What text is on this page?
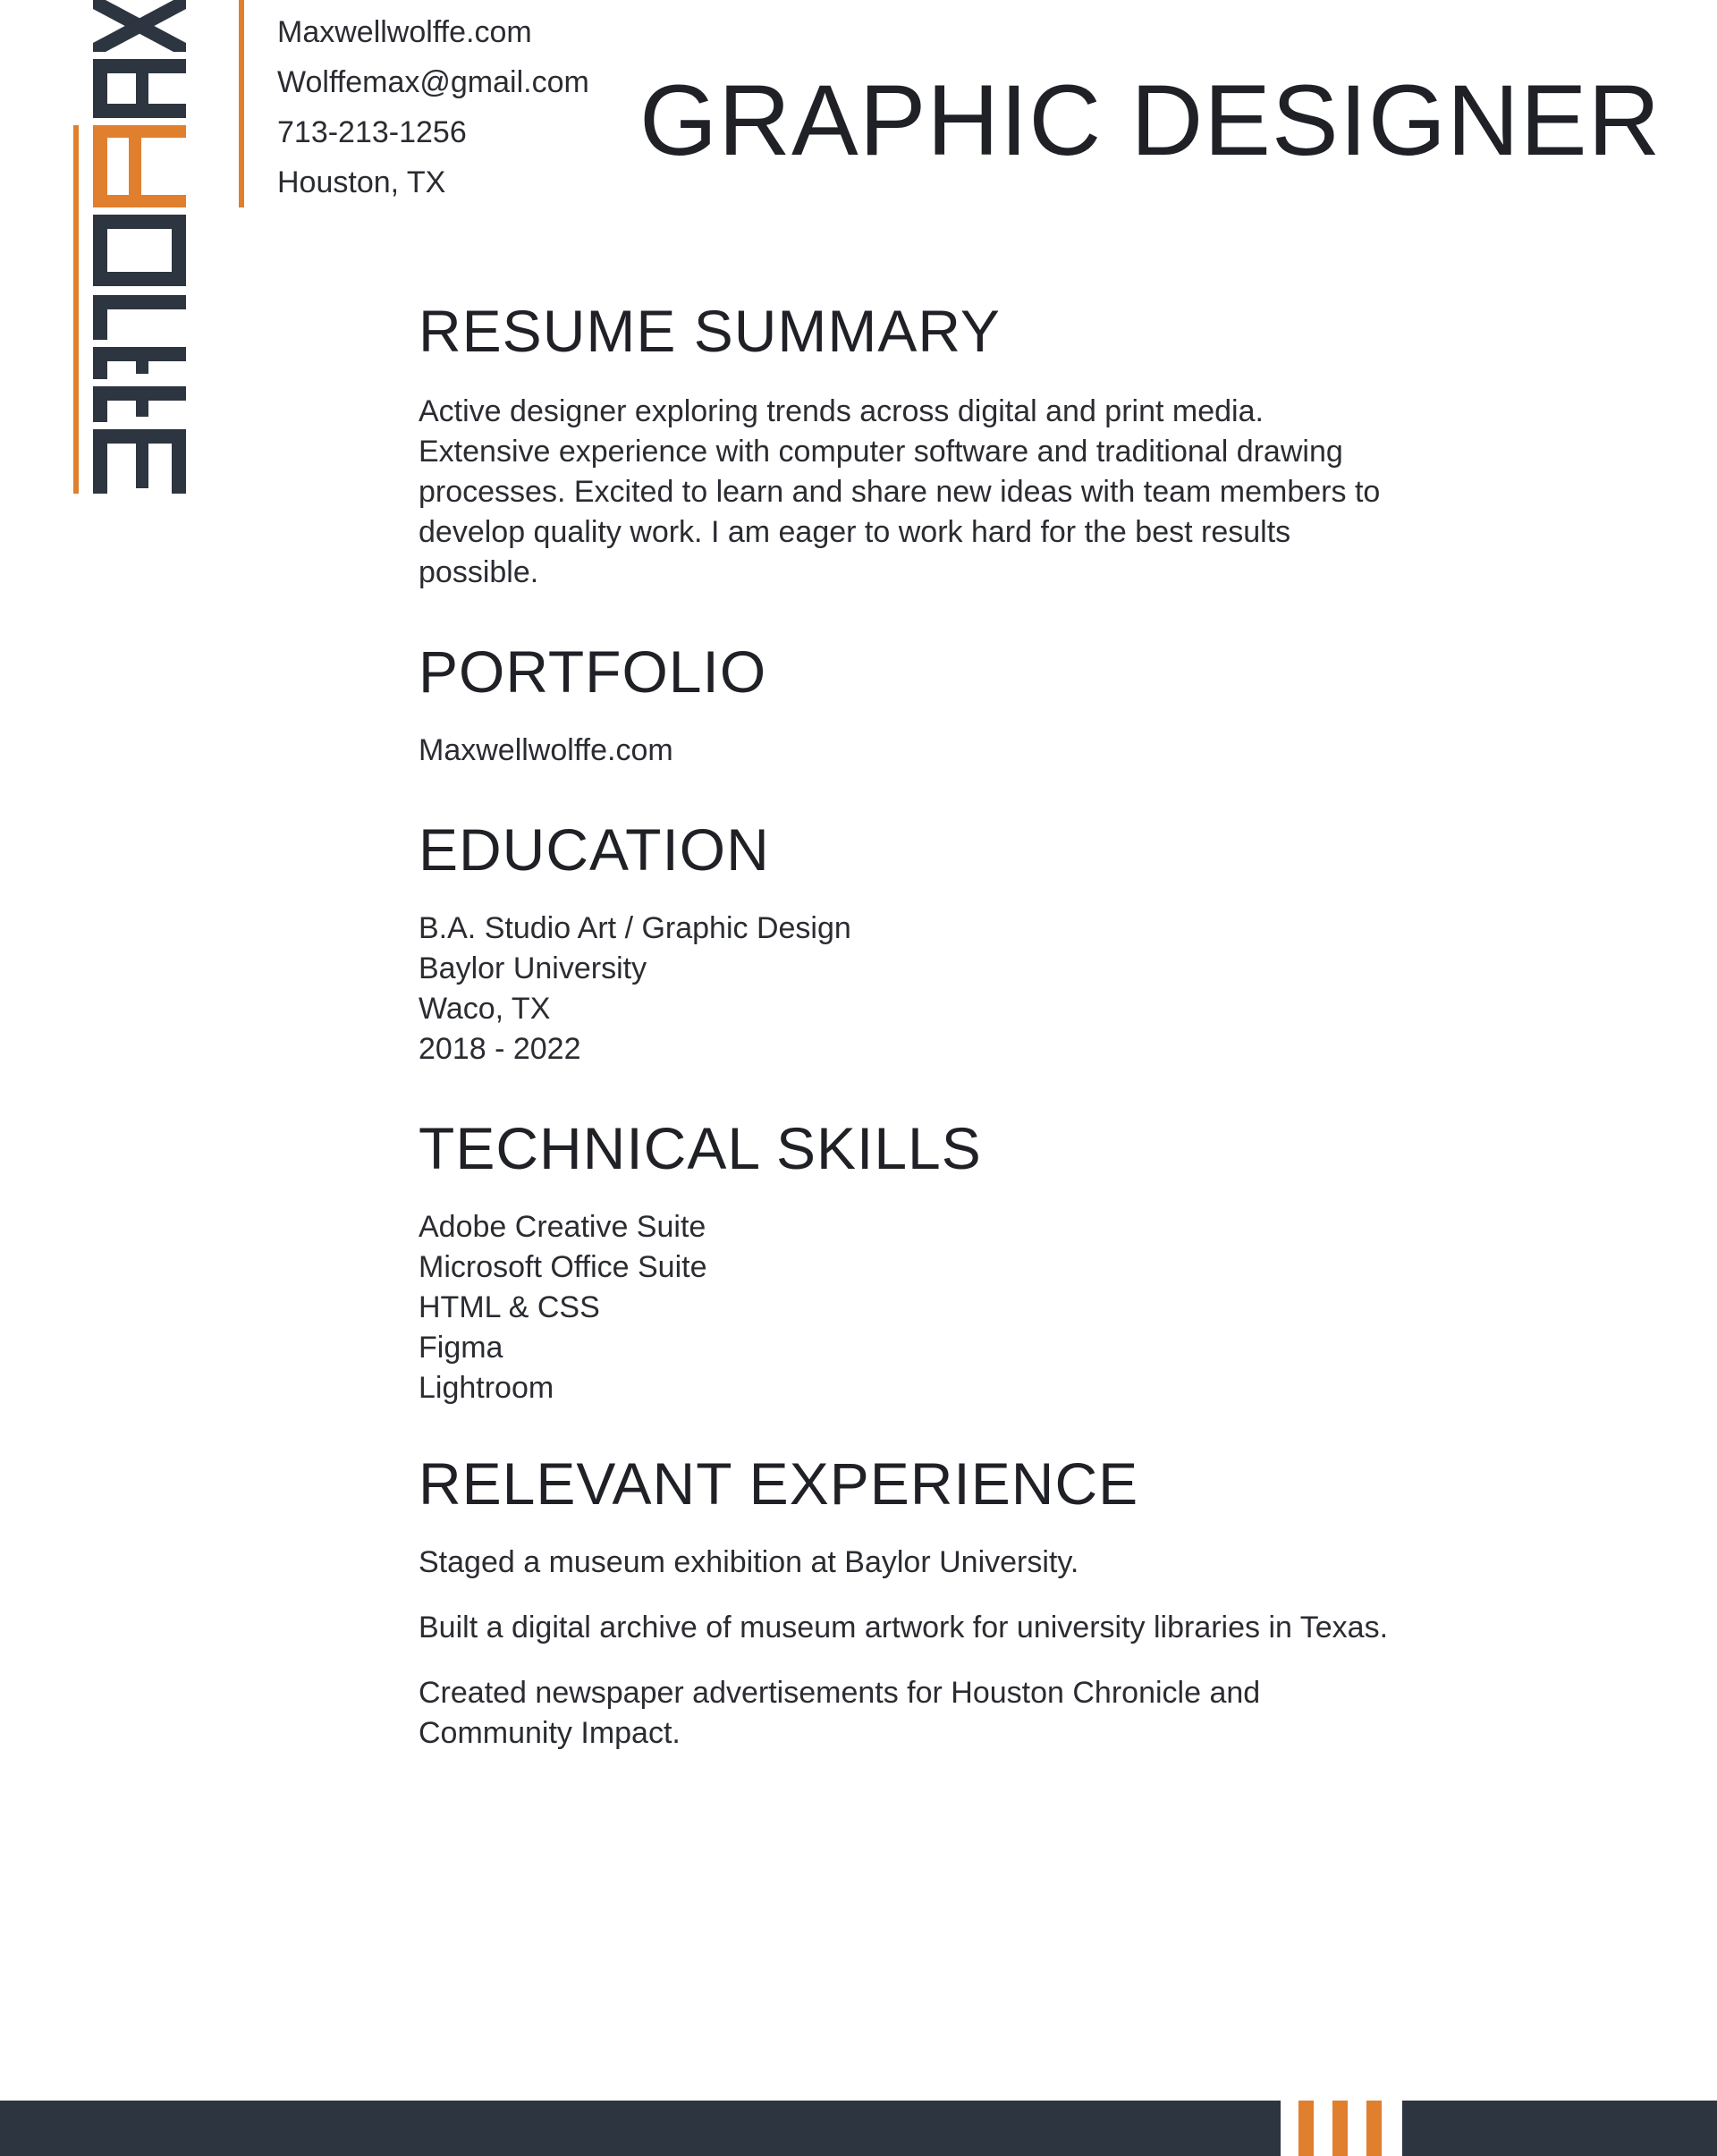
Maxwellwolffe.com
Wolffemax@gmail.com
713-213-1256
Houston, TX
GRAPHIC DESIGNER
RESUME SUMMARY

Active designer exploring trends across digital and print media. Extensive experience with computer software and traditional drawing processes. Excited to learn and share new ideas with team members to develop quality work. I am eager to work hard for the best results possible.

PORTFOLIO
Maxwellwolffe.com
EDUCATION
B.A. Studio Art / Graphic Design
Baylor University
Waco, TX
2018 - 2022
TECHNICAL SKILLS
Adobe Creative Suite
Microsoft Office Suite
HTML & CSS
Figma
Lightroom
RELEVANT EXPERIENCE

Staged a museum exhibition at Baylor University.

Built a digital archive of museum artwork for university libraries in Texas.

Created newspaper advertisements for Houston Chronicle and Community Impact.
